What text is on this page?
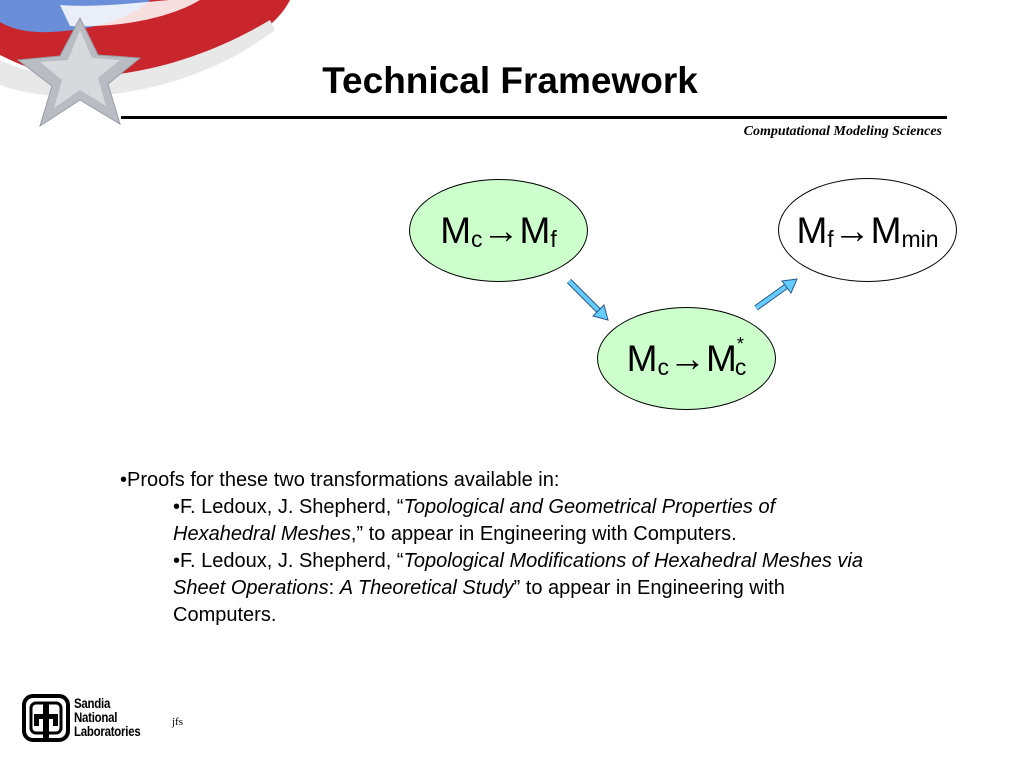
Technical Framework
Computational Modeling Sciences
M c → M f
M c → M *
c
M f → M min
•Proofs for these two transformations available in:
•F. Ledoux, J. Shepherd, “Topological and Geometrical Properties of Hexahedral Meshes,” to appear in Engineering with Computers.
•F. Ledoux, J. Shepherd, “Topological Modifications of Hexahedral Meshes via Sheet Operations: A Theoretical Study” to appear in Engineering with Computers.
Sandia
National
Laboratories
jfs
